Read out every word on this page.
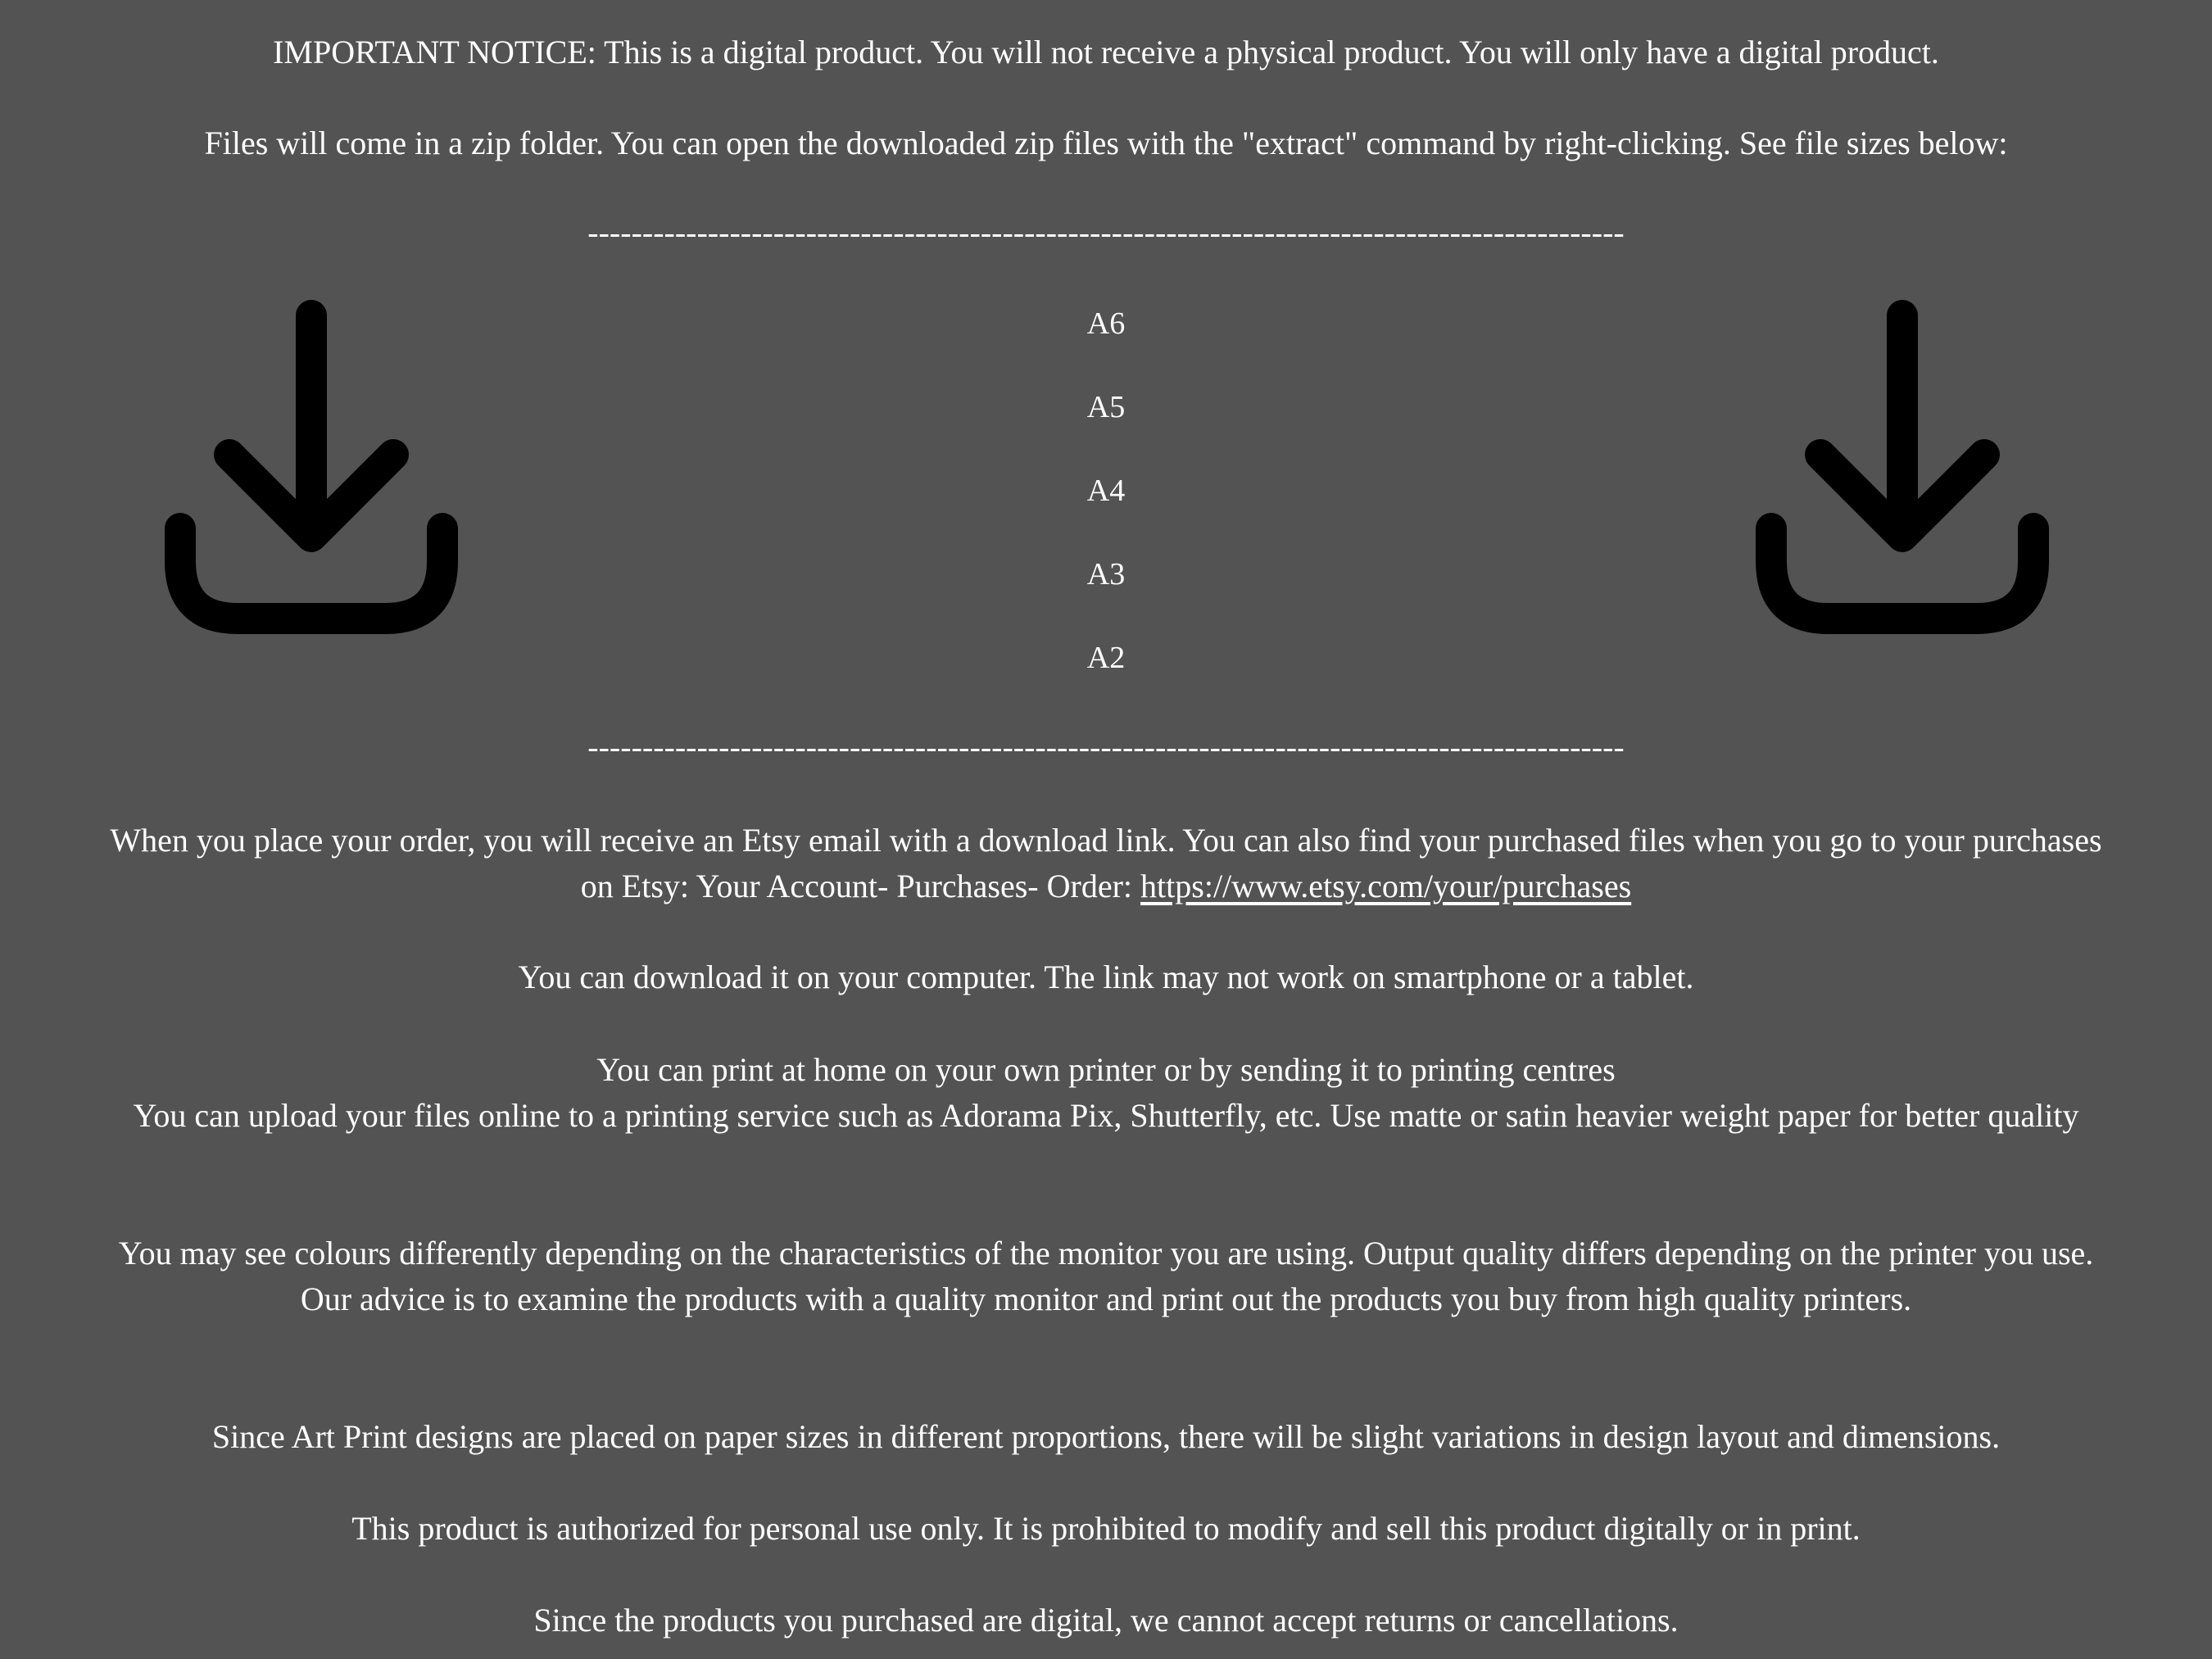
IMPORTANT NOTICE: This is a digital product. You will not receive a physical product. You will only have a digital product.
Files will come in a zip folder. You can open the downloaded zip files with the "extract" command by right-clicking. See file sizes below:
-----------------------------------------------------------------------------------------------
A6
A5
A4
A3
A2
-----------------------------------------------------------------------------------------------
When you place your order, you will receive an Etsy email with a download link. You can also find your purchased files when you go to your purchases on Etsy: Your Account- Purchases- Order: https://www.etsy.com/your/purchases
You can download it on your computer. The link may not work on smartphone or a tablet.
You can print at home on your own printer or by sending it to printing centres
You can upload your files online to a printing service such as Adorama Pix, Shutterfly, etc. Use matte or satin heavier weight paper for better quality
You may see colours differently depending on the characteristics of the monitor you are using. Output quality differs depending on the printer you use. Our advice is to examine the products with a quality monitor and print out the products you buy from high quality printers.
Since Art Print designs are placed on paper sizes in different proportions, there will be slight variations in design layout and dimensions.
This product is authorized for personal use only. It is prohibited to modify and sell this product digitally or in print.
Since the products you purchased are digital, we cannot accept returns or cancellations.
